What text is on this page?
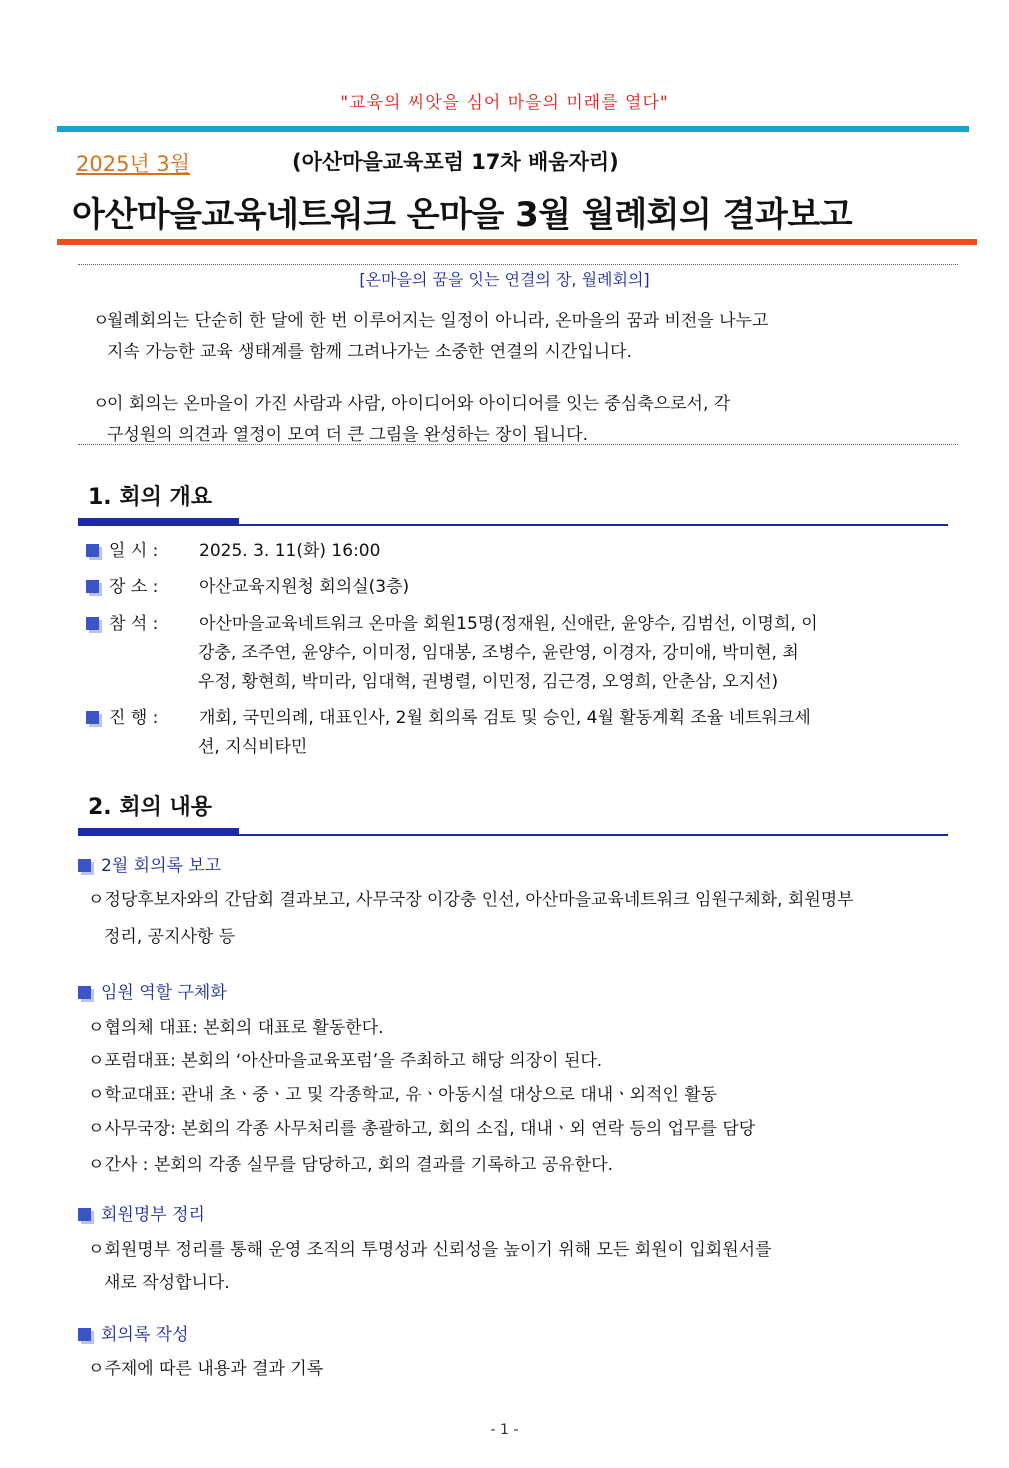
"교육의 씨앗을 심어 마을의 미래를 열다"
2025년 3월	(아산마을교육포럼 17차 배움자리)
아산마을교육네트워크 온마을 3월 월례회의 결과보고
[온마을의 꿈을 잇는 연결의 장, 월례회의]
ㅇ월례회의는 단순히 한 달에 한 번 이루어지는 일정이 아니라, 온마을의 꿈과 비전을 나누고
지속 가능한 교육 생태계를 함께 그려나가는 소중한 연결의 시간입니다.
ㅇ이 회의는 온마을이 가진 사람과 사람, 아이디어와 아이디어를 잇는 중심축으로서, 각
구성원의 의견과 열정이 모여 더 큰 그림을 완성하는 장이 됩니다.
1. 회의 개요
일 시 : 2025. 3. 11(화) 16:00
장 소 : 아산교육지원청 회의실(3층)
참 석 : 아산마을교육네트워크 온마을 회원15명(정재원, 신애란, 윤양수, 김범선, 이명희, 이
강충, 조주연, 윤양수, 이미정, 임대봉, 조병수, 윤란영, 이경자, 강미애, 박미현, 최
우정, 황현희, 박미라, 임대혁, 권병렬, 이민정, 김근경, 오영희, 안춘삼, 오지선)
진 행 : 개회, 국민의례, 대표인사, 2월 회의록 검토 및 승인, 4월 활동계획 조율 네트워크세
션, 지식비타민
2. 회의 내용
2월 회의록 보고
ㅇ정당후보자와의 간담회 결과보고, 사무국장 이강충 인선, 아산마을교육네트워크 임원구체화, 회원명부
정리, 공지사항 등
임원 역할 구체화
ㅇ협의체 대표: 본회의 대표로 활동한다.
ㅇ포럼대표: 본회의 ‘아산마을교육포럼’을 주최하고 해당 의장이 된다.
ㅇ학교대표: 관내 초ㆍ중ㆍ고 및 각종학교, 유ㆍ아동시설 대상으로 대내ㆍ외적인 활동
ㅇ사무국장: 본회의 각종 사무처리를 총괄하고, 회의 소집, 대내ㆍ외 연락 등의 업무를 담당
ㅇ간사 : 본회의 각종 실무를 담당하고, 회의 결과를 기록하고 공유한다.
회원명부 정리
ㅇ회원명부 정리를 통해 운영 조직의 투명성과 신뢰성을 높이기 위해 모든 회원이 입회원서를
새로 작성합니다.
회의록 작성
ㅇ주제에 따른 내용과 결과 기록
- 1 -
